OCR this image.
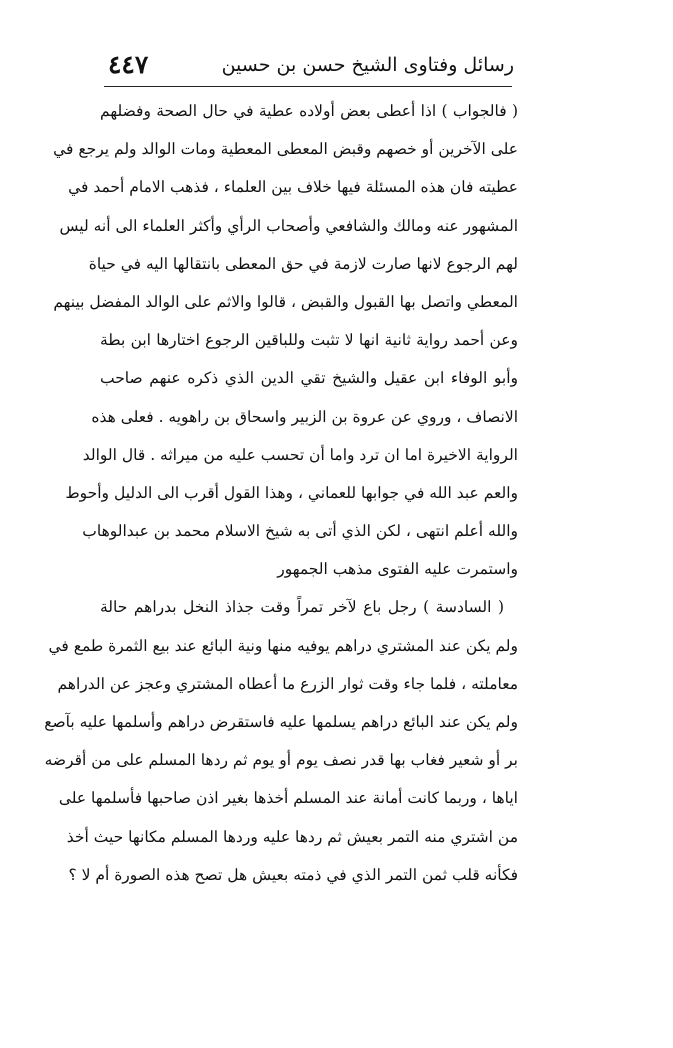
رسائل وفتاوى الشيخ حسن بن حسين
٤٤٧
( فالجواب ) اذا أعطى بعض أولاده عطية في حال الصحة وفضلهم
على الآخرين أو خصهم وقبض المعطى المعطية ومات الوالد ولم يرجع في
عطيته فان هذه المسئلة فيها خلاف بين العلماء ، فذهب الامام أحمد في
المشهور عنه ومالك والشافعي وأصحاب الرأي وأكثر العلماء الى أنه ليس
لهم الرجوع لانها صارت لازمة في حق المعطى بانتقالها اليه في حياة
المعطي واتصل بها القبول والقبض ، قالوا والاثم على الوالد المفضل بينهم
وعن أحمد رواية ثانية انها لا تثبت وللباقين الرجوع اختارها ابن بطة
وأبو الوفاء ابن عقيل والشيخ تقي الدين الذي ذكره عنهم صاحب
الانصاف ، وروي عن عروة بن الزبير واسحاق بن راهويه . فعلى هذه
الرواية الاخيرة اما ان ترد واما أن تحسب عليه من ميراثه . قال الوالد
والعم عبد الله في جوابها للعماني ، وهذا القول أقرب الى الدليل وأحوط
والله أعلم انتهى ، لكن الذي أتى به شيخ الاسلام محمد بن عبدالوهاب
واستمرت عليه الفتوى مذهب الجمهور
( السادسة ) رجل باع لآخر تمراً وقت جذاذ النخل بدراهم حالة
ولم يكن عند المشتري دراهم يوفيه منها ونية البائع عند بيع الثمرة طمع في
معاملته ، فلما جاء وقت ثوار الزرع ما أعطاه المشتري وعجز عن الدراهم
ولم يكن عند البائع دراهم يسلمها عليه فاستقرض دراهم وأسلمها عليه بآصع
بر أو شعير فغاب بها قدر نصف يوم أو يوم ثم ردها المسلم على من أقرضه
اياها ، وربما كانت أمانة عند المسلم أخذها بغير اذن صاحبها فأسلمها على
من اشتري منه التمر بعيش ثم ردها عليه وردها المسلم مكانها حيث أخذ
فكأنه قلب ثمن التمر الذي في ذمته بعيش هل تصح هذه الصورة أم لا ؟
